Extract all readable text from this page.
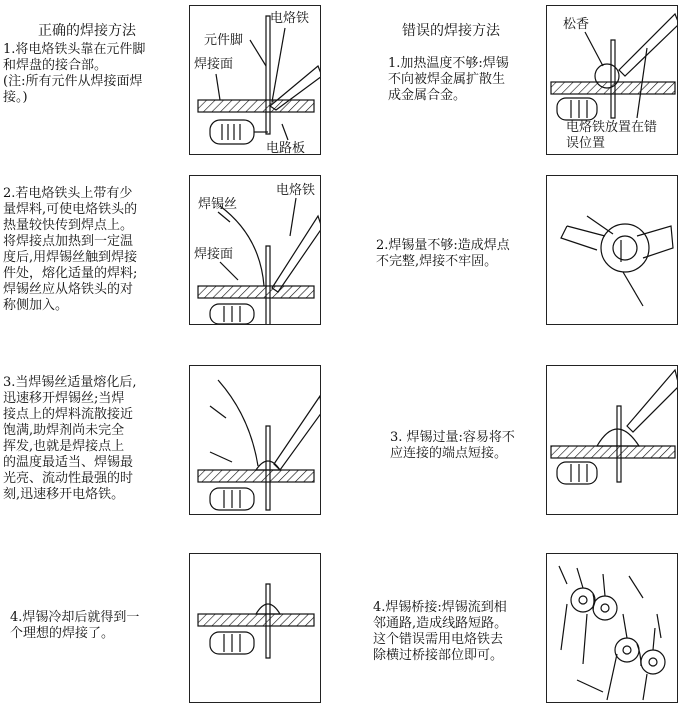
正确的焊接方法	错误的焊接方法
1.将电烙铁头靠在元件脚
和焊盘的接合部。
(注:所有元件从焊接面焊
接。)
2.若电烙铁头上带有少
量焊料,可使电烙铁头的
热量较快传到焊点上。
将焊接点加热到一定温
度后,用焊锡丝触到焊接
件处，熔化适量的焊料;
焊锡丝应从烙铁头的对
称侧加入。
3.当焊锡丝适量熔化后,
迅速移开焊锡丝;当焊
接点上的焊料流散接近
饱满,助焊剂尚未完全
挥发,也就是焊接点上
的温度最适当、焊锡最
光亮、流动性最强的时
刻,迅速移开电烙铁。
4.焊锡冷却后就得到一
个理想的焊接了。
1.加热温度不够:焊锡
不向被焊金属扩散生
成金属合金。
2.焊锡量不够:造成焊点
不完整,焊接不牢固。
3. 焊锡过量:容易将不
应连接的端点短接。
4.焊锡桥接:焊锡流到相
邻通路,造成线路短路。
这个错误需用电烙铁去
除横过桥接部位即可。
电烙铁
元件脚
焊接面
电路板
电烙铁
焊锡丝
焊接面
松香
电烙铁放置在错
误位置
